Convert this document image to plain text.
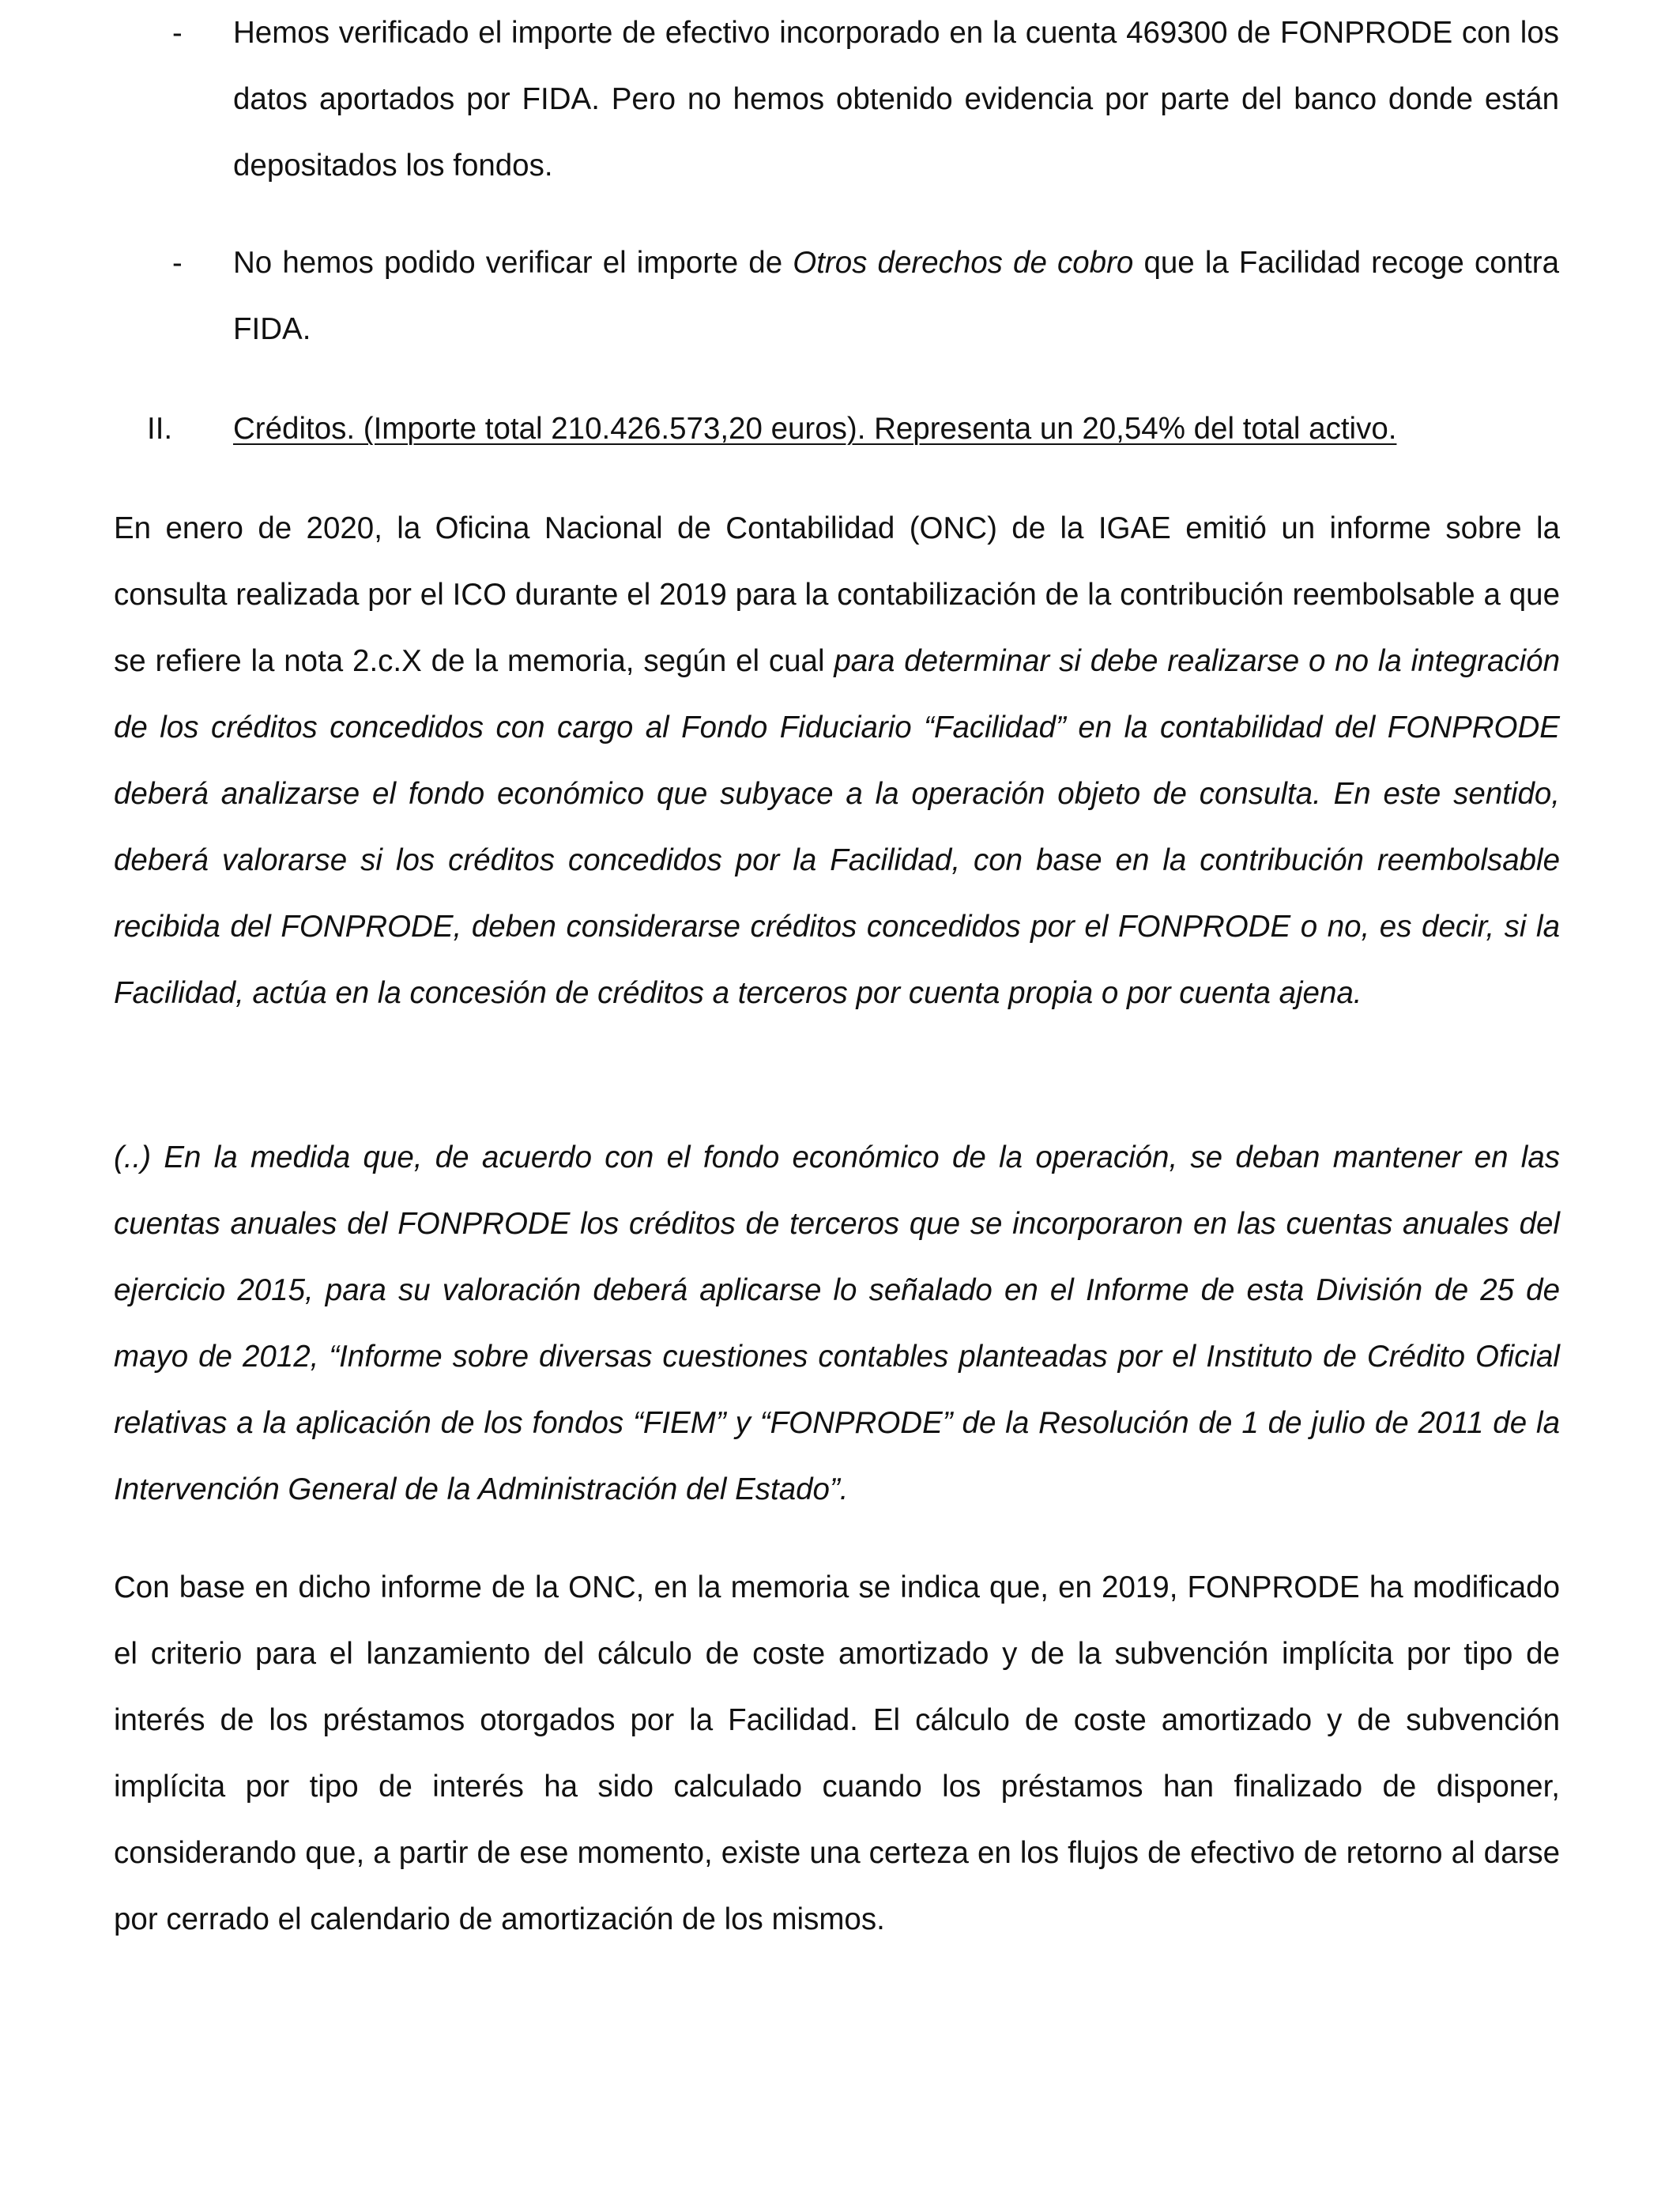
- Hemos verificado el importe de efectivo incorporado en la cuenta 469300 de FONPRODE con los datos aportados por FIDA. Pero no hemos obtenido evidencia por parte del banco donde están depositados los fondos.

- No hemos podido verificar el importe de Otros derechos de cobro que la Facilidad recoge contra FIDA.

II. Créditos. (Importe total 210.426.573,20 euros). Representa un 20,54% del total activo.

En enero de 2020, la Oficina Nacional de Contabilidad (ONC) de la IGAE emitió un informe sobre la consulta realizada por el ICO durante el 2019 para la contabilización de la contribución reembolsable a que se refiere la nota 2.c.X de la memoria, según el cual para determinar si debe realizarse o no la integración de los créditos concedidos con cargo al Fondo Fiduciario “Facilidad” en la contabilidad del FONPRODE deberá analizarse el fondo económico que subyace a la operación objeto de consulta. En este sentido, deberá valorarse si los créditos concedidos por la Facilidad, con base en la contribución reembolsable recibida del FONPRODE, deben considerarse créditos concedidos por el FONPRODE o no, es decir, si la Facilidad, actúa en la concesión de créditos a terceros por cuenta propia o por cuenta ajena.

(..) En la medida que, de acuerdo con el fondo económico de la operación, se deban mantener en las cuentas anuales del FONPRODE los créditos de terceros que se incorporaron en las cuentas anuales del ejercicio 2015, para su valoración deberá aplicarse lo señalado en el Informe de esta División de 25 de mayo de 2012, “Informe sobre diversas cuestiones contables planteadas por el Instituto de Crédito Oficial relativas a la aplicación de los fondos “FIEM” y “FONPRODE” de la Resolución de 1 de julio de 2011 de la Intervención General de la Administración del Estado”.

Con base en dicho informe de la ONC, en la memoria se indica que, en 2019, FONPRODE ha modificado el criterio para el lanzamiento del cálculo de coste amortizado y de la subvención implícita por tipo de interés de los préstamos otorgados por la Facilidad. El cálculo de coste amortizado y de subvención implícita por tipo de interés ha sido calculado cuando los préstamos han finalizado de disponer, considerando que, a partir de ese momento, existe una certeza en los flujos de efectivo de retorno al darse por cerrado el calendario de amortización de los mismos.
